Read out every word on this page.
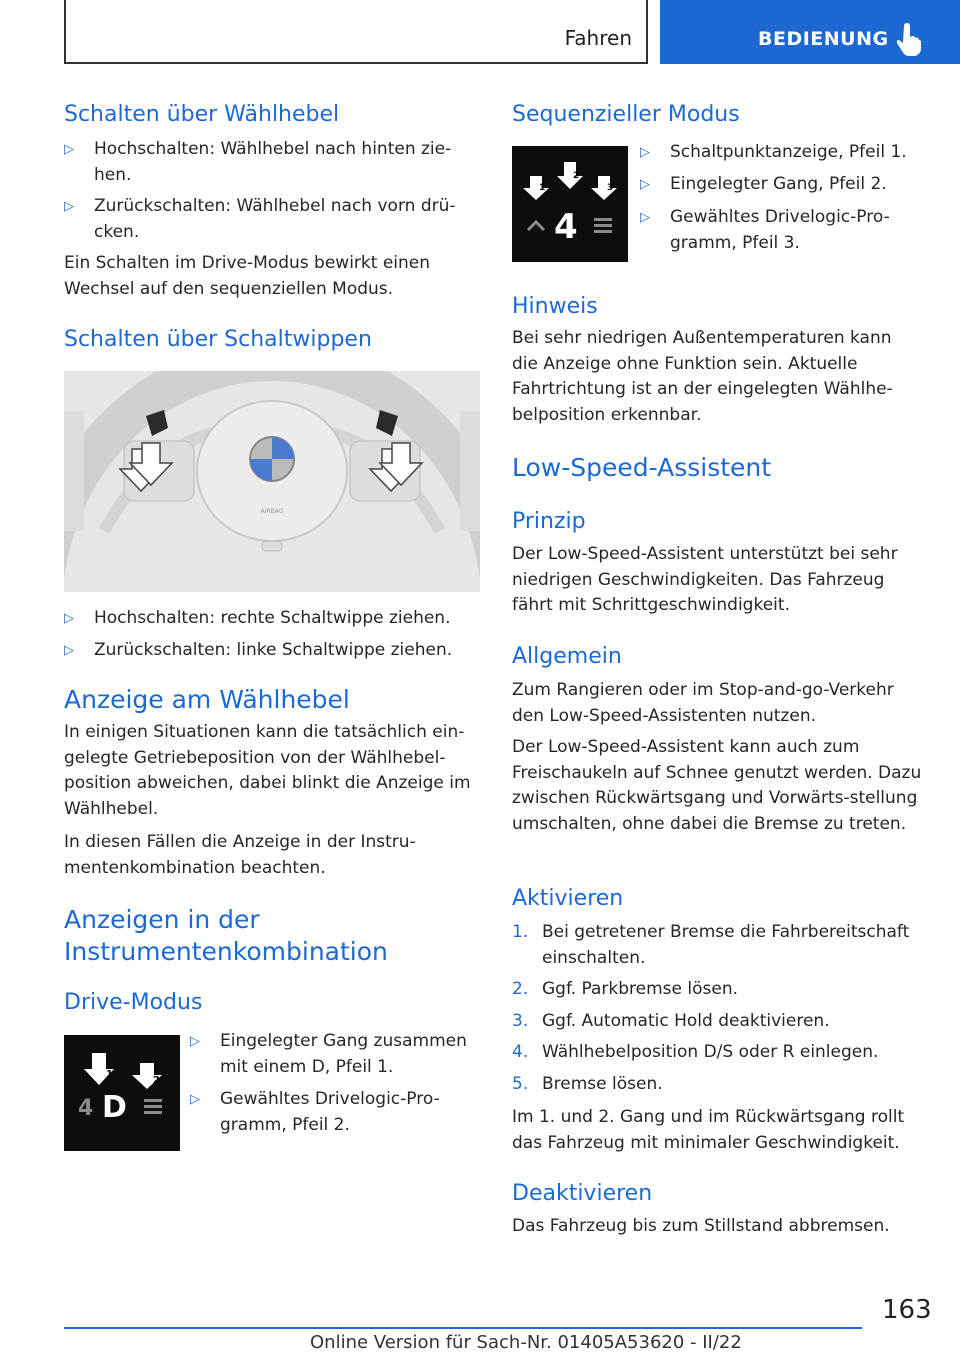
Fahren	BEDIENUNG
Schalten über Wählhebel
▷ Hochschalten: Wählhebel nach hinten zie-hen.
▷ Zurückschalten: Wählhebel nach vorn drü-cken.
Ein Schalten im Drive-Modus bewirkt einen Wechsel auf den sequenziellen Modus.
Schalten über Schaltwippen
AIRBAG
▷ Hochschalten: rechte Schaltwippe ziehen.
▷ Zurückschalten: linke Schaltwippe ziehen.
Anzeige am Wählhebel
In einigen Situationen kann die tatsächlich ein-gelegte Getriebeposition von der Wählhebel-position abweichen, dabei blinkt die Anzeige im Wählhebel.
In diesen Fällen die Anzeige in der Instru-mentenkombination beachten.
Anzeigen in der
Instrumentenkombination
Drive-Modus
1
2
4 D
▷ Eingelegter Gang zusammen mit einem D, Pfeil 1.
▷ Gewähltes Drivelogic-Pro-gramm, Pfeil 2.
Sequenzieller Modus
1
2
3
4
▷ Schaltpunktanzeige, Pfeil 1.
▷ Eingelegter Gang, Pfeil 2.
▷ Gewähltes Drivelogic-Pro-gramm, Pfeil 3.
Hinweis
Bei sehr niedrigen Außentemperaturen kann die Anzeige ohne Funktion sein. Aktuelle Fahrtrichtung ist an der eingelegten Wählhe-belposition erkennbar.
Low-Speed-Assistent
Prinzip
Der Low-Speed-Assistent unterstützt bei sehr niedrigen Geschwindigkeiten. Das Fahrzeug fährt mit Schrittgeschwindigkeit.
Allgemein
Zum Rangieren oder im Stop-and-go-Verkehr den Low-Speed-Assistenten nutzen.
Der Low-Speed-Assistent kann auch zum Freischaukeln auf Schnee genutzt werden. Dazu zwischen Rückwärtsgang und Vorwärts-stellung umschalten, ohne dabei die Bremse zu treten.
Aktivieren
1. Bei getretener Bremse die Fahrbereitschaft einschalten.
2. Ggf. Parkbremse lösen.
3. Ggf. Automatic Hold deaktivieren.
4. Wählhebelposition D/S oder R einlegen.
5. Bremse lösen.
Im 1. und 2. Gang und im Rückwärtsgang rollt das Fahrzeug mit minimaler Geschwindigkeit.
Deaktivieren
Das Fahrzeug bis zum Stillstand abbremsen.
163
Online Version für Sach-Nr. 01405A53620 - II/22
